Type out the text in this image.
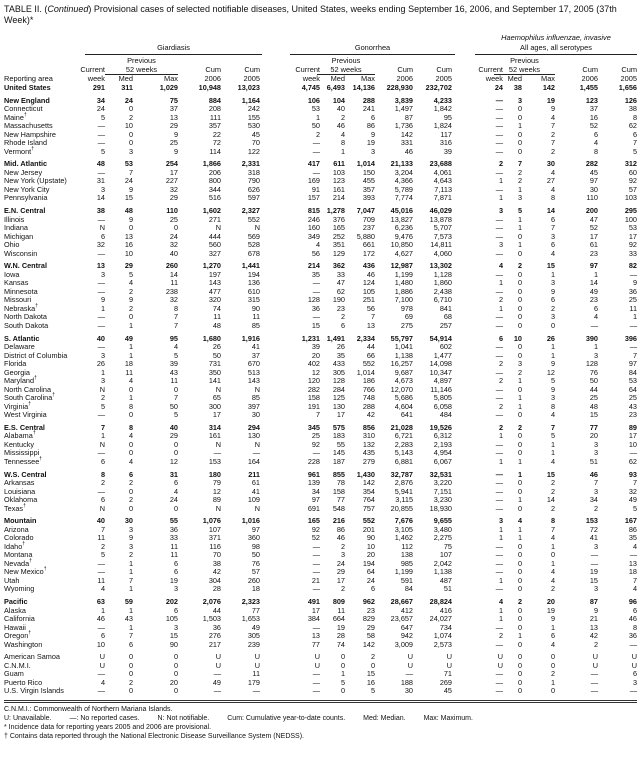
TABLE II. (Continued) Provisional cases of selected notifiable diseases, United States, weeks ending September 16, 2006, and September 17, 2005 (37th Week)*
Giardiasis	Gonorrhea
Haemophilus influenzae, invasive
All ages, all serotypes
Reporting area
Current
week
Previous
52 weeks
Med	Max
Cum
2006
Cum
2005
Current
week
Previous
52 weeks
Med Max
Cum
2006
Cum
2005
Current
week
Previous
52 weeks
Med	Max
Cum
2006
Cum
2005
United States	291 311	1,029	10,948 13,023	4,745 6,493 14,136 228,930 232,702	24 38	142	1,455	1,656
New England	34	24	75	884	1,164	106 104 288	3,839	4,233	— 3	19	123	126
Connecticut	24	0	37	208	242	53 40 241	1,497	1,842	— 0	9	37	38
Maine†	5	2	13	111	155	1	2	6	87	95	— 0	4	16	8
Massachusetts	—	10	29	357	530	50 46	86	1,736	1,824	— 1	7	52	62
New Hampshire	—	0	9	22	45	2	4	9	142	117	— 0	2	6	6
Rhode Island	—	0	25	72	70	—	8	19	331	316	— 0	7	4	7
Vermont†	5	3	9	114	122	—	1	3	46	39	— 0	2	8	5
Mid. Atlantic	48	53	254	1,866	2,331	417 611 1,014 21,133 23,688	2 7	30	282	312
New Jersey	—	7	17	206	318	— 103 150	3,204	4,061	— 2	4	45	60
New York (Upstate)	31	24	227	800	790	169 123 455	4,366	4,643	1 2	27	97	92
New York City	3	9	32	344	626	91 161 357	5,789	7,113	— 1	4	30	57
Pennsylvania	14	15	29	516	597	157 214 393	7,774	7,871	1 3	8	110	103
E.N. Central	38	48	110	1,602	2,327	815 1,278 7,047 45,016 46,029	3 5	14	200	295
Illinois	—	9	25	271	552	246 376 709 13,827 13,878	— 1	6	47	100
Indiana	N	0	0	N	N	160 165 237	6,236	5,707	— 1	7	52	53
Michigan	6	13	24	444	569	349 252 5,880	9,476	7,573	— 0	3	17	17
Ohio	32	16	32	560	528	4 351 661 10,850 14,811	3 1	6	61	92
Wisconsin	—	10	40	327	678	56 129 172	4,627	4,060	— 0	4	23	33
W.N. Central	13	29	260	1,270	1,441	214 362 436 12,987 13,302	4 2	15	97	82
Iowa	3	5	14	197	194	35 33	46	1,199	1,128	— 0	1	1	—
Kansas	—	4	11	143	136	— 47 124	1,480	1,860	1 0	3	14	9
Minnesota	—	2	238	477	610	— 62 105	1,886	2,438	— 0	9	49	36
Missouri	9	9	32	320	315	128 190 251	7,100	6,710	2 0	6	23	25
Nebraska†	1	2	8	74	90	36 23	56	978	841	1 0	2	6	11
North Dakota	—	0	7	11	11	—	2	7	69	68	— 0	3	4	1
South Dakota	—	1	7	48	85	15	6	13	275	257	— 0	0	—	—
S. Atlantic	40	49	95	1,680	1,916	1,231 1,491 2,334 55,797 54,914	6 10	26	390	396
Delaware	—	1	4	26	41	39 26	44	1,041	602	— 0	1	1	—
District of Columbia	3	1	5	50	37	20 35	66	1,138	1,477	— 0	1	3	7
Florida	26	18	39	731	670	402 433 552 16,257 14,098	2 3	9	128	97
Georgia	1	11	43	350	513	12 305 1,014	9,687 10,347	— 2	12	76	84
Maryland†	3	4	11	141	143	120 128 186	4,673	4,897	2 1	5	50	53
North Carolina	N	0	0	N	N	282 284 766 12,070 11,146	— 0	9	44	64
South Carolina†	2	1	7	65	85	158 125 748	5,686	5,805	— 1	3	25	25
Virginia†	5	8	50	300	397	191 130 288	4,604	6,058	2 1	8	48	43
West Virginia	—	0	5	17	30	7 17	42	641	484	— 0	4	15	23
E.S. Central	7	8	40	314	294	345 575 856 21,028 19,526	2 2	7	77	89
Alabama†	1	4	29	161	130	25 183 310	6,721	6,312	1 0	5	20	17
Kentucky	N	0	0	N	N	92 55 132	2,283	2,193	— 0	1	3	10
Mississippi	—	0	0	—	—	— 145 435	5,143	4,954	— 0	1	3	—
Tennessee†	6	4	12	153	164	228 187 279	6,881	6,067	1 1	4	51	62
W.S. Central	8	6	31	180	211	961 855 1,430 32,787 32,531	— 1	15	46	93
Arkansas	2	2	6	79	61	139 78 142	2,876	3,220	— 0	2	7	7
Louisiana	—	0	4	12	41	34 158 354	5,941	7,151	— 0	2	3	32
Oklahoma	6	2	24	89	109	97 77 764	3,115	3,230	— 1	14	34	49
Texas†	N	0	0	N	N	691 548 757 20,855 18,930	— 0	2	2	5
Mountain	40	30	55	1,076	1,016	165 216 552	7,676	9,655	3 4	8	153	167
Arizona	7	3	36	107	97	92 86 201	3,105	3,480	1 1	7	72	86
Colorado	11	9	33	371	360	52 46	90	1,462	2,275	1 1	4	41	35
Idaho†	2	3	11	116	98	—	2	10	112	75	— 0	1	3	4
Montana	5	2	11	70	50	—	3	20	138	107	— 0	0	—	—
Nevada†	—	1	6	38	76	— 24 194	985	2,042	— 0	1	—	13
New Mexico†	—	1	6	42	57	— 29	64	1,199	1,138	— 0	4	19	18
Utah	11	7	19	304	260	21 17	24	591	487	1 0	4	15	7
Wyoming	4	1	3	28	18	—	2	6	84	51	— 0	2	3	4
Pacific	63	59	202	2,076	2,323	491 809 962 28,667 28,824	4 2	20	87	96
Alaska	1	1	6	44	77	17 11	23	412	416	1 0	19	9	6
California	46	43	105	1,503	1,653	384 664 829 23,657 24,027	1 0	9	21	46
Hawaii	—	1	3	36	49	— 19	29	647	734	— 0	1	13	8
Oregon†	6	7	15	276	305	13 28	58	942	1,074	2 1	6	42	36
Washington	10	6	90	217	239	77 74 142	3,009	2,573	— 0	4	2	—
American Samoa	U	0	0	U	U	U	0	2	U	U	U 0	0	U	U
C.N.M.I.	U	0	0	U	U	U	0	0	U	U	U 0	0	U	U
Guam	—	0	0	—	11	—	1	15	—	71	— 0	2	—	6
Puerto Rico	4	2	20	49	179	—	5	16	188	269	— 0	1	—	3
U.S. Virgin Islands	—	0	0	—	—	—	0	5	30	45	— 0	0	—	—
C.N.M.I.: Commonwealth of Northern Mariana Islands.
U: Unavailable.	—: No reported cases.	N: Not notifiable.	Cum: Cumulative year-to-date counts.	Med: Median.	Max: Maximum.
* Incidence data for reporting years 2005 and 2006 are provisional.
† Contains data reported through the National Electronic Disease Surveillance System (NEDSS).
